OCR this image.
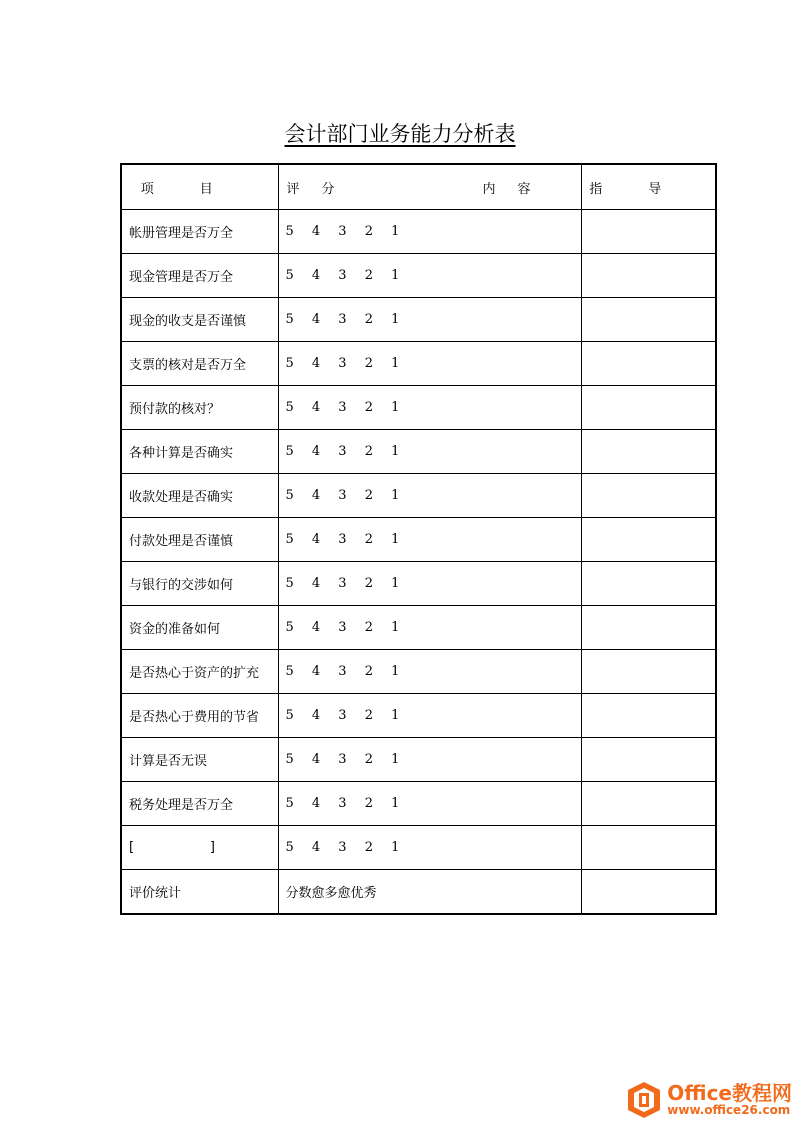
会计部门业务能力分析表
项目	评分 内容	指导
帐册管理是否万全	5 4 3 2 1	
现金管理是否万全	5 4 3 2 1	
现金的收支是否谨慎	5 4 3 2 1	
支票的核对是否万全	5 4 3 2 1	
预付款的核对？	5 4 3 2 1	
各种计算是否确实	5 4 3 2 1	
收款处理是否确实	5 4 3 2 1	
付款处理是否谨慎	5 4 3 2 1	
与银行的交涉如何	5 4 3 2 1	
资金的准备如何	5 4 3 2 1	
是否热心于资产的扩充	5 4 3 2 1	
是否热心于费用的节省	5 4 3 2 1	
计算是否无误	5 4 3 2 1	
税务处理是否万全	5 4 3 2 1	

[ ]	5 4 3 2 1	
评价统计	分数愈多愈优秀	
Office教程网
www.office26.com
